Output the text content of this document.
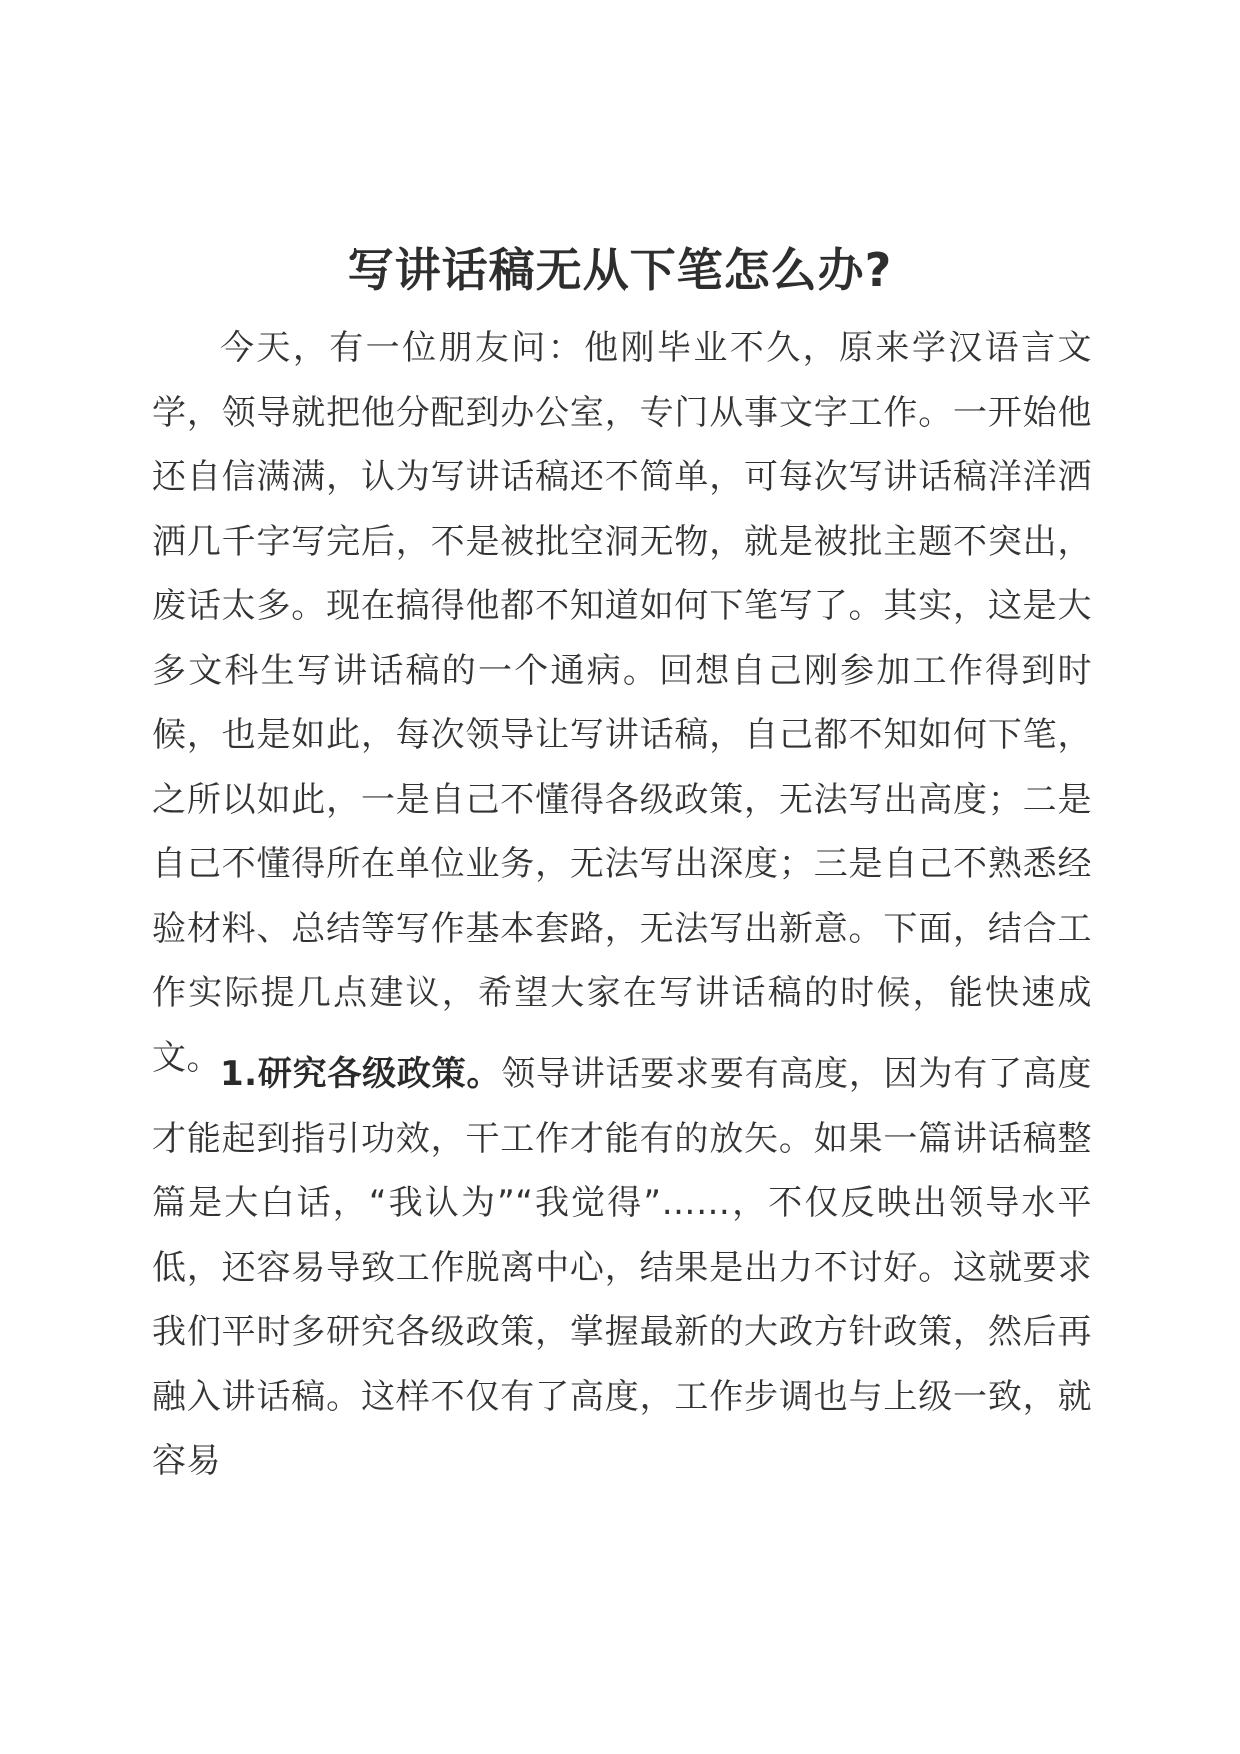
写讲话稿无从下笔怎么办?

今天，有一位朋友问：他刚毕业不久，原来学汉语言文学，领导就把他分配到办公室，专门从事文字工作。一开始他还自信满满，认为写讲话稿还不简单，可每次写讲话稿洋洋洒洒几千字写完后，不是被批空洞无物，就是被批主题不突出，废话太多。现在搞得他都不知道如何下笔写了。其实，这是大多文科生写讲话稿的一个通病。回想自己刚参加工作得到时候，也是如此，每次领导让写讲话稿，自己都不知如何下笔，之所以如此，一是自己不懂得各级政策，无法写出高度；二是自己不懂得所在单位业务，无法写出深度；三是自己不熟悉经验材料、总结等写作基本套路，无法写出新意。下面，结合工作实际提几点建议，希望大家在写讲话稿的时候，能快速成文。 1.研究各级政策。领导讲话要求要有高度，因为有了高度才能起到指引功效，干工作才能有的放矢。如果一篇讲话稿整篇是大白话，“我认为”“我觉得”……，不仅反映出领导水平低，还容易导致工作脱离中心，结果是出力不讨好。这就要求我们平时多研究各级政策，掌握最新的大政方针政策，然后再融入讲话稿。这样不仅有了高度，工作步调也与上级一致，就容易
